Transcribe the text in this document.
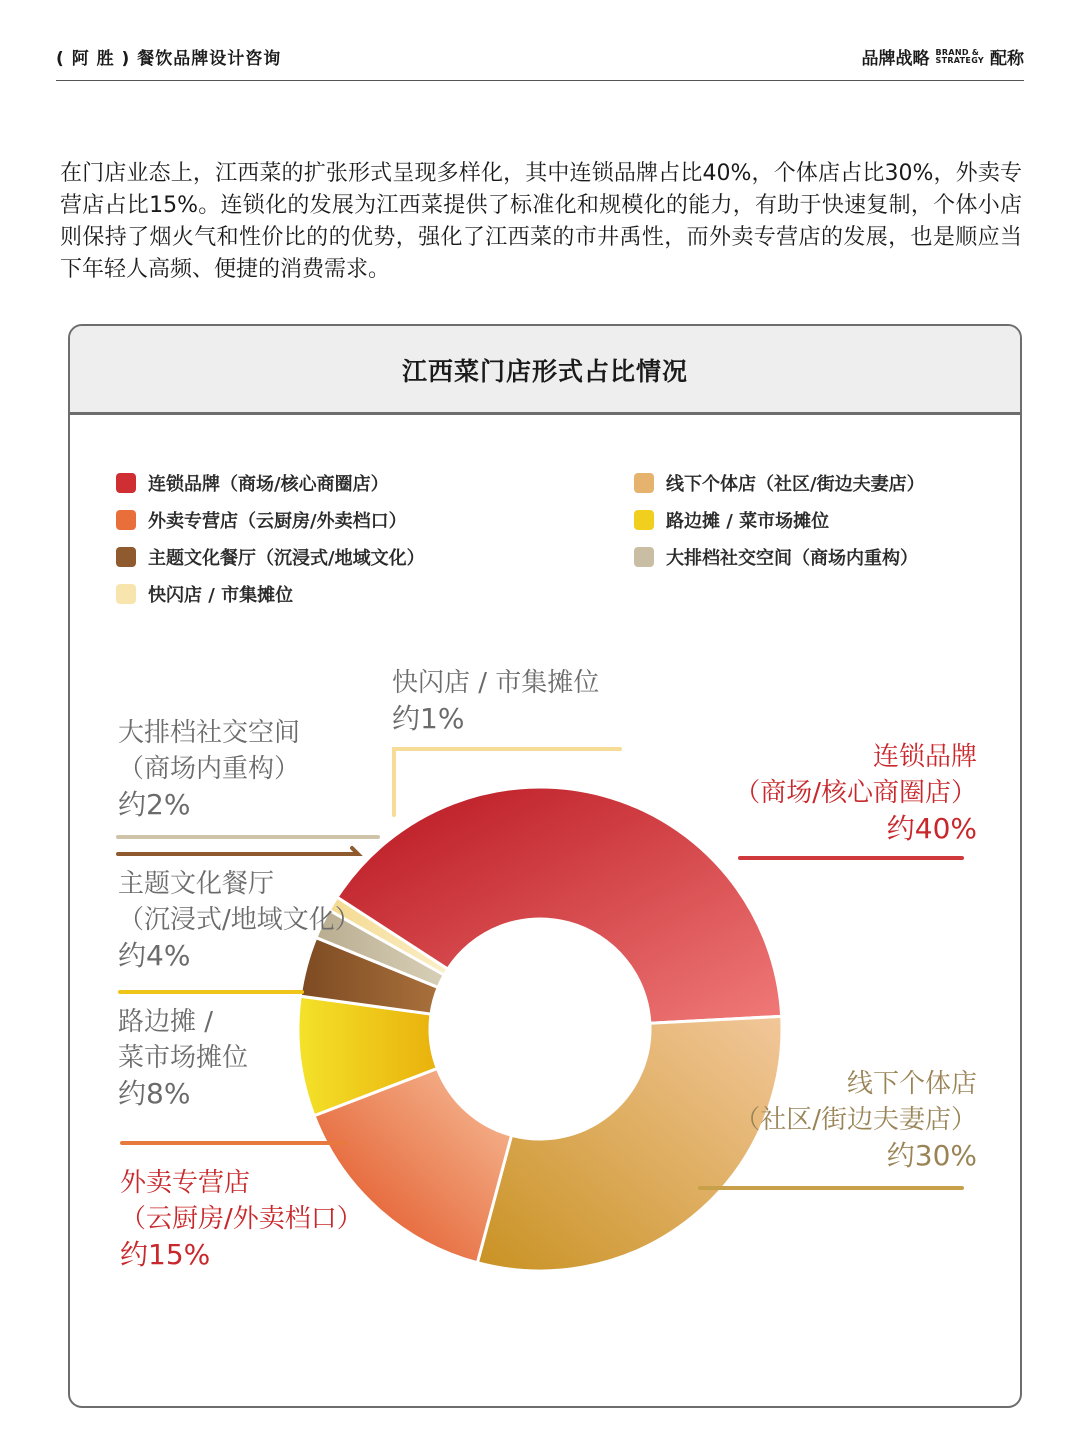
( 阿 胜 ) 餐饮品牌设计咨询	品牌战略 BRAND &
STRATEGY 配称
在门店业态上，江西菜的扩张形式呈现多样化，其中连锁品牌占比40%，个体店占比30%，外卖专营店占比15%。连锁化的发展为江西菜提供了标准化和规模化的能力，有助于快速复制，个体小店则保持了烟火气和性价比的的优势，强化了江西菜的市井禹性，而外卖专营店的发展，也是顺应当下年轻人高频、便捷的消费需求。
江西菜门店形式占比情况
连锁品牌（商场/核心商圈店）
外卖专营店（云厨房/外卖档口）
主题文化餐厅（沉浸式/地域文化）
快闪店 / 市集摊位
线下个体店（社区/街边夫妻店）
路边摊 / 菜市场摊位
大排档社交空间（商场内重构）
连锁品牌
（商场/核心商圈店）
约40%
线下个体店
（社区/街边夫妻店）
约30%
外卖专营店
（云厨房/外卖档口）
约15%
路边摊 /
菜市场摊位
约8%
主题文化餐厅
（沉浸式/地域文化）
约4%
大排档社交空间
（商场内重构）
约2%
快闪店 / 市集摊位
约1%
